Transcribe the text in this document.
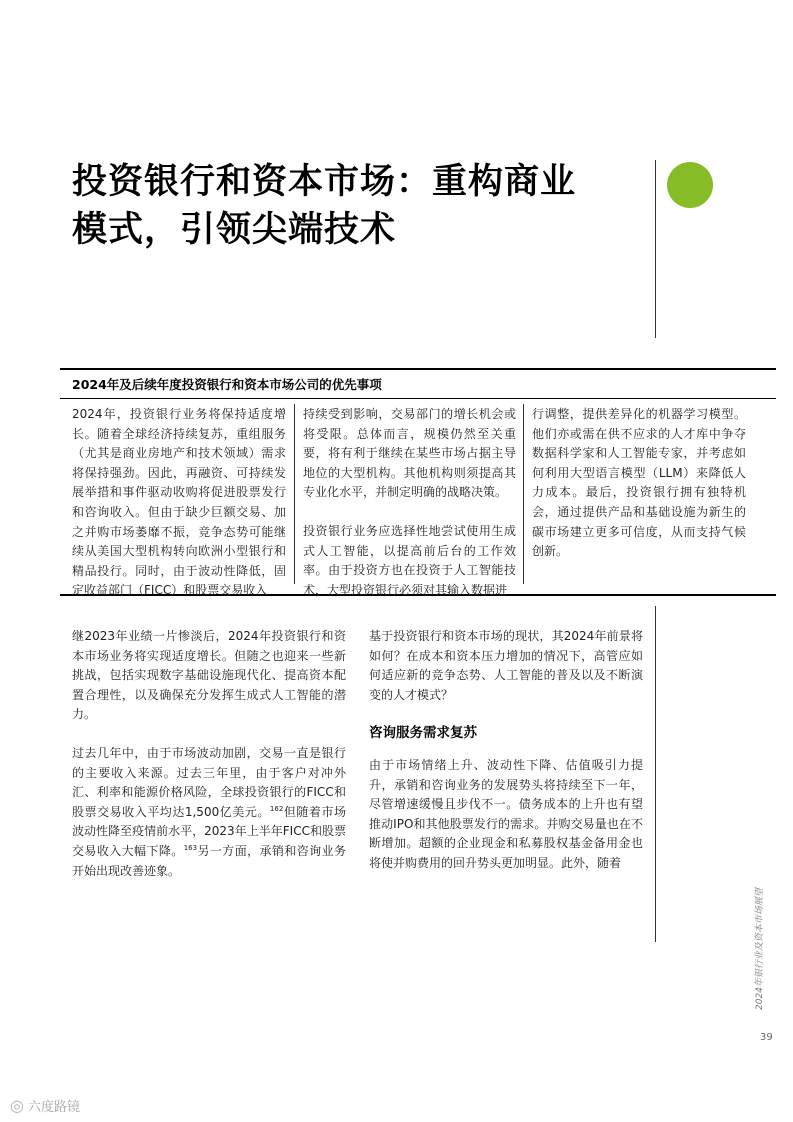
投资银行和资本市场：重构商业
模式，引领尖端技术
2024年及后续年度投资银行和资本市场公司的优先事项

2024年，投资银行业务将保持适度增长。随着全球经济持续复苏，重组服务（尤其是商业房地产和技术领域）需求将保持强劲。因此，再融资、可持续发展举措和事件驱动收购将促进股票发行和咨询收入。但由于缺少巨额交易、加之并购市场萎靡不振，竞争态势可能继续从美国大型机构转向欧洲小型银行和精品投行。同时，由于波动性降低，固定收益部门（FICC）和股票交易收入

持续受到影响，交易部门的增长机会或将受限。总体而言，规模仍然至关重要，将有利于继续在某些市场占据主导地位的大型机构。其他机构则须提高其专业化水平，并制定明确的战略决策。

投资银行业务应选择性地尝试使用生成式人工智能，以提高前后台的工作效率。由于投资方也在投资于人工智能技术，大型投资银行必须对其输入数据进

行调整，提供差异化的机器学习模型。他们亦或需在供不应求的人才库中争夺数据科学家和人工智能专家，并考虑如何利用大型语言模型（LLM）来降低人力成本。最后，投资银行拥有独特机会，通过提供产品和基础设施为新生的碳市场建立更多可信度，从而支持气候创新。

继2023年业绩一片惨淡后，2024年投资银行和资本市场业务将实现适度增长。但随之也迎来一些新挑战，包括实现数字基础设施现代化、提高资本配置合理性，以及确保充分发挥生成式人工智能的潜力。

过去几年中，由于市场波动加剧，交易一直是银行的主要收入来源。过去三年里，由于客户对冲外汇、利率和能源价格风险，全球投资银行的FICC和股票交易收入平均达1,500亿美元。$^{162}$但随着市场波动性降至疫情前水平，2023年上半年FICC和股票交易收入大幅下降。$^{163}$另一方面，承销和咨询业务开始出现改善迹象。

基于投资银行和资本市场的现状，其2024年前景将如何？在成本和资本压力增加的情况下，高管应如何适应新的竞争态势、人工智能的普及以及不断演变的人才模式？

咨询服务需求复苏

由于市场情绪上升、波动性下降、估值吸引力提升，承销和咨询业务的发展势头将持续至下一年，尽管增速缓慢且步伐不一。债务成本的上升也有望推动IPO和其他股票发行的需求。并购交易量也在不断增加。超额的企业现金和私募股权基金备用金也将使并购费用的回升势头更加明显。此外，随着

2024年银行业及资本市场展望
39
◎ 六度路镜
